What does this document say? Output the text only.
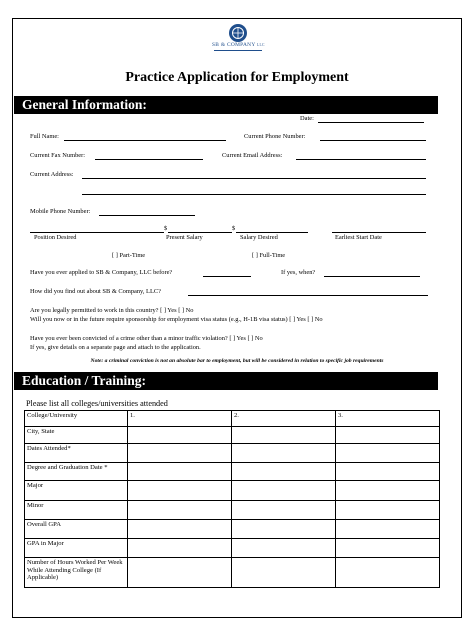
SB & COMPANY LLC
Practice Application for Employment
General Information:
Date:
Full Name:	Current Phone Number:
Current Fax Number:	Current Email Address:
Current Address:
Mobile Phone Number:
$	$
Position Desired	Present Salary	Salary Desired	Earliest Start Date
[ ] Part-Time	[ ] Full-Time
Have you ever applied to SB & Company, LLC before?	If yes, when?
How did you find out about SB & Company, LLC?
Are you legally permitted to work in this country? [ ] Yes [ ] No
Will you now or in the future require sponsorship for employment visa status (e.g., H-1B visa status) [ ] Yes [ ] No
Have you ever been convicted of a crime other than a minor traffic violation? [ ] Yes [ ] No
If yes, give details on a separate page and attach to the application.
Note: a criminal conviction is not an absolute bar to employment, but will be considered in relation to specific job requirements
Education / Training:
Please list all colleges/universities attended
College/University	1.	2.	3.
City, State			
Dates Attended*			
Degree and Graduation Date *			
Major			
Minor			
Overall GPA			
GPA in Major			
Number of Hours Worked Per Week While Attending College (If Applicable)			
